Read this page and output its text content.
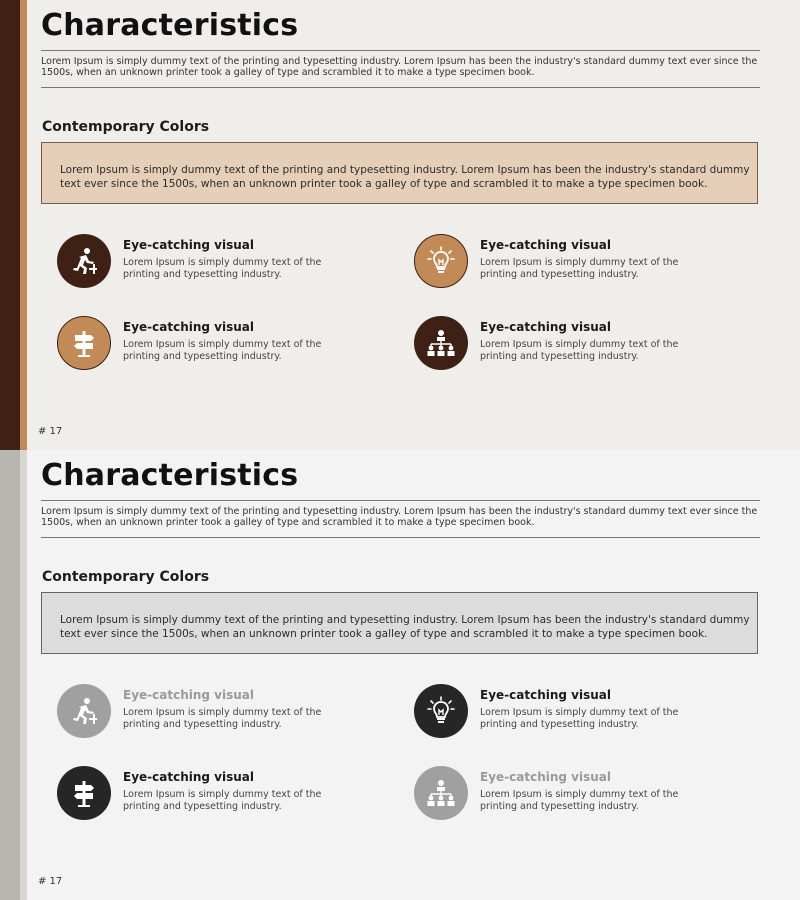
Characteristics
Lorem Ipsum is simply dummy text of the printing and typesetting industry. Lorem Ipsum has been the industry's standard dummy text ever since the 1500s, when an unknown printer took a galley of type and scrambled it to make a type specimen book.
Contemporary Colors
Lorem Ipsum is simply dummy text of the printing and typesetting industry. Lorem Ipsum has been the industry's standard dummy text ever since the 1500s, when an unknown printer took a galley of type and scrambled it to make a type specimen book.
Eye-catching visual
Lorem Ipsum is simply dummy text of the printing and typesetting industry.
Eye-catching visual
Lorem Ipsum is simply dummy text of the printing and typesetting industry.
Eye-catching visual
Lorem Ipsum is simply dummy text of the printing and typesetting industry.
Eye-catching visual
Lorem Ipsum is simply dummy text of the printing and typesetting industry.
# 17
Characteristics
Lorem Ipsum is simply dummy text of the printing and typesetting industry. Lorem Ipsum has been the industry's standard dummy text ever since the 1500s, when an unknown printer took a galley of type and scrambled it to make a type specimen book.
Contemporary Colors
Lorem Ipsum is simply dummy text of the printing and typesetting industry. Lorem Ipsum has been the industry's standard dummy text ever since the 1500s, when an unknown printer took a galley of type and scrambled it to make a type specimen book.
Eye-catching visual
Lorem Ipsum is simply dummy text of the printing and typesetting industry.
Eye-catching visual
Lorem Ipsum is simply dummy text of the printing and typesetting industry.
Eye-catching visual
Lorem Ipsum is simply dummy text of the printing and typesetting industry.
Eye-catching visual
Lorem Ipsum is simply dummy text of the printing and typesetting industry.
# 17
